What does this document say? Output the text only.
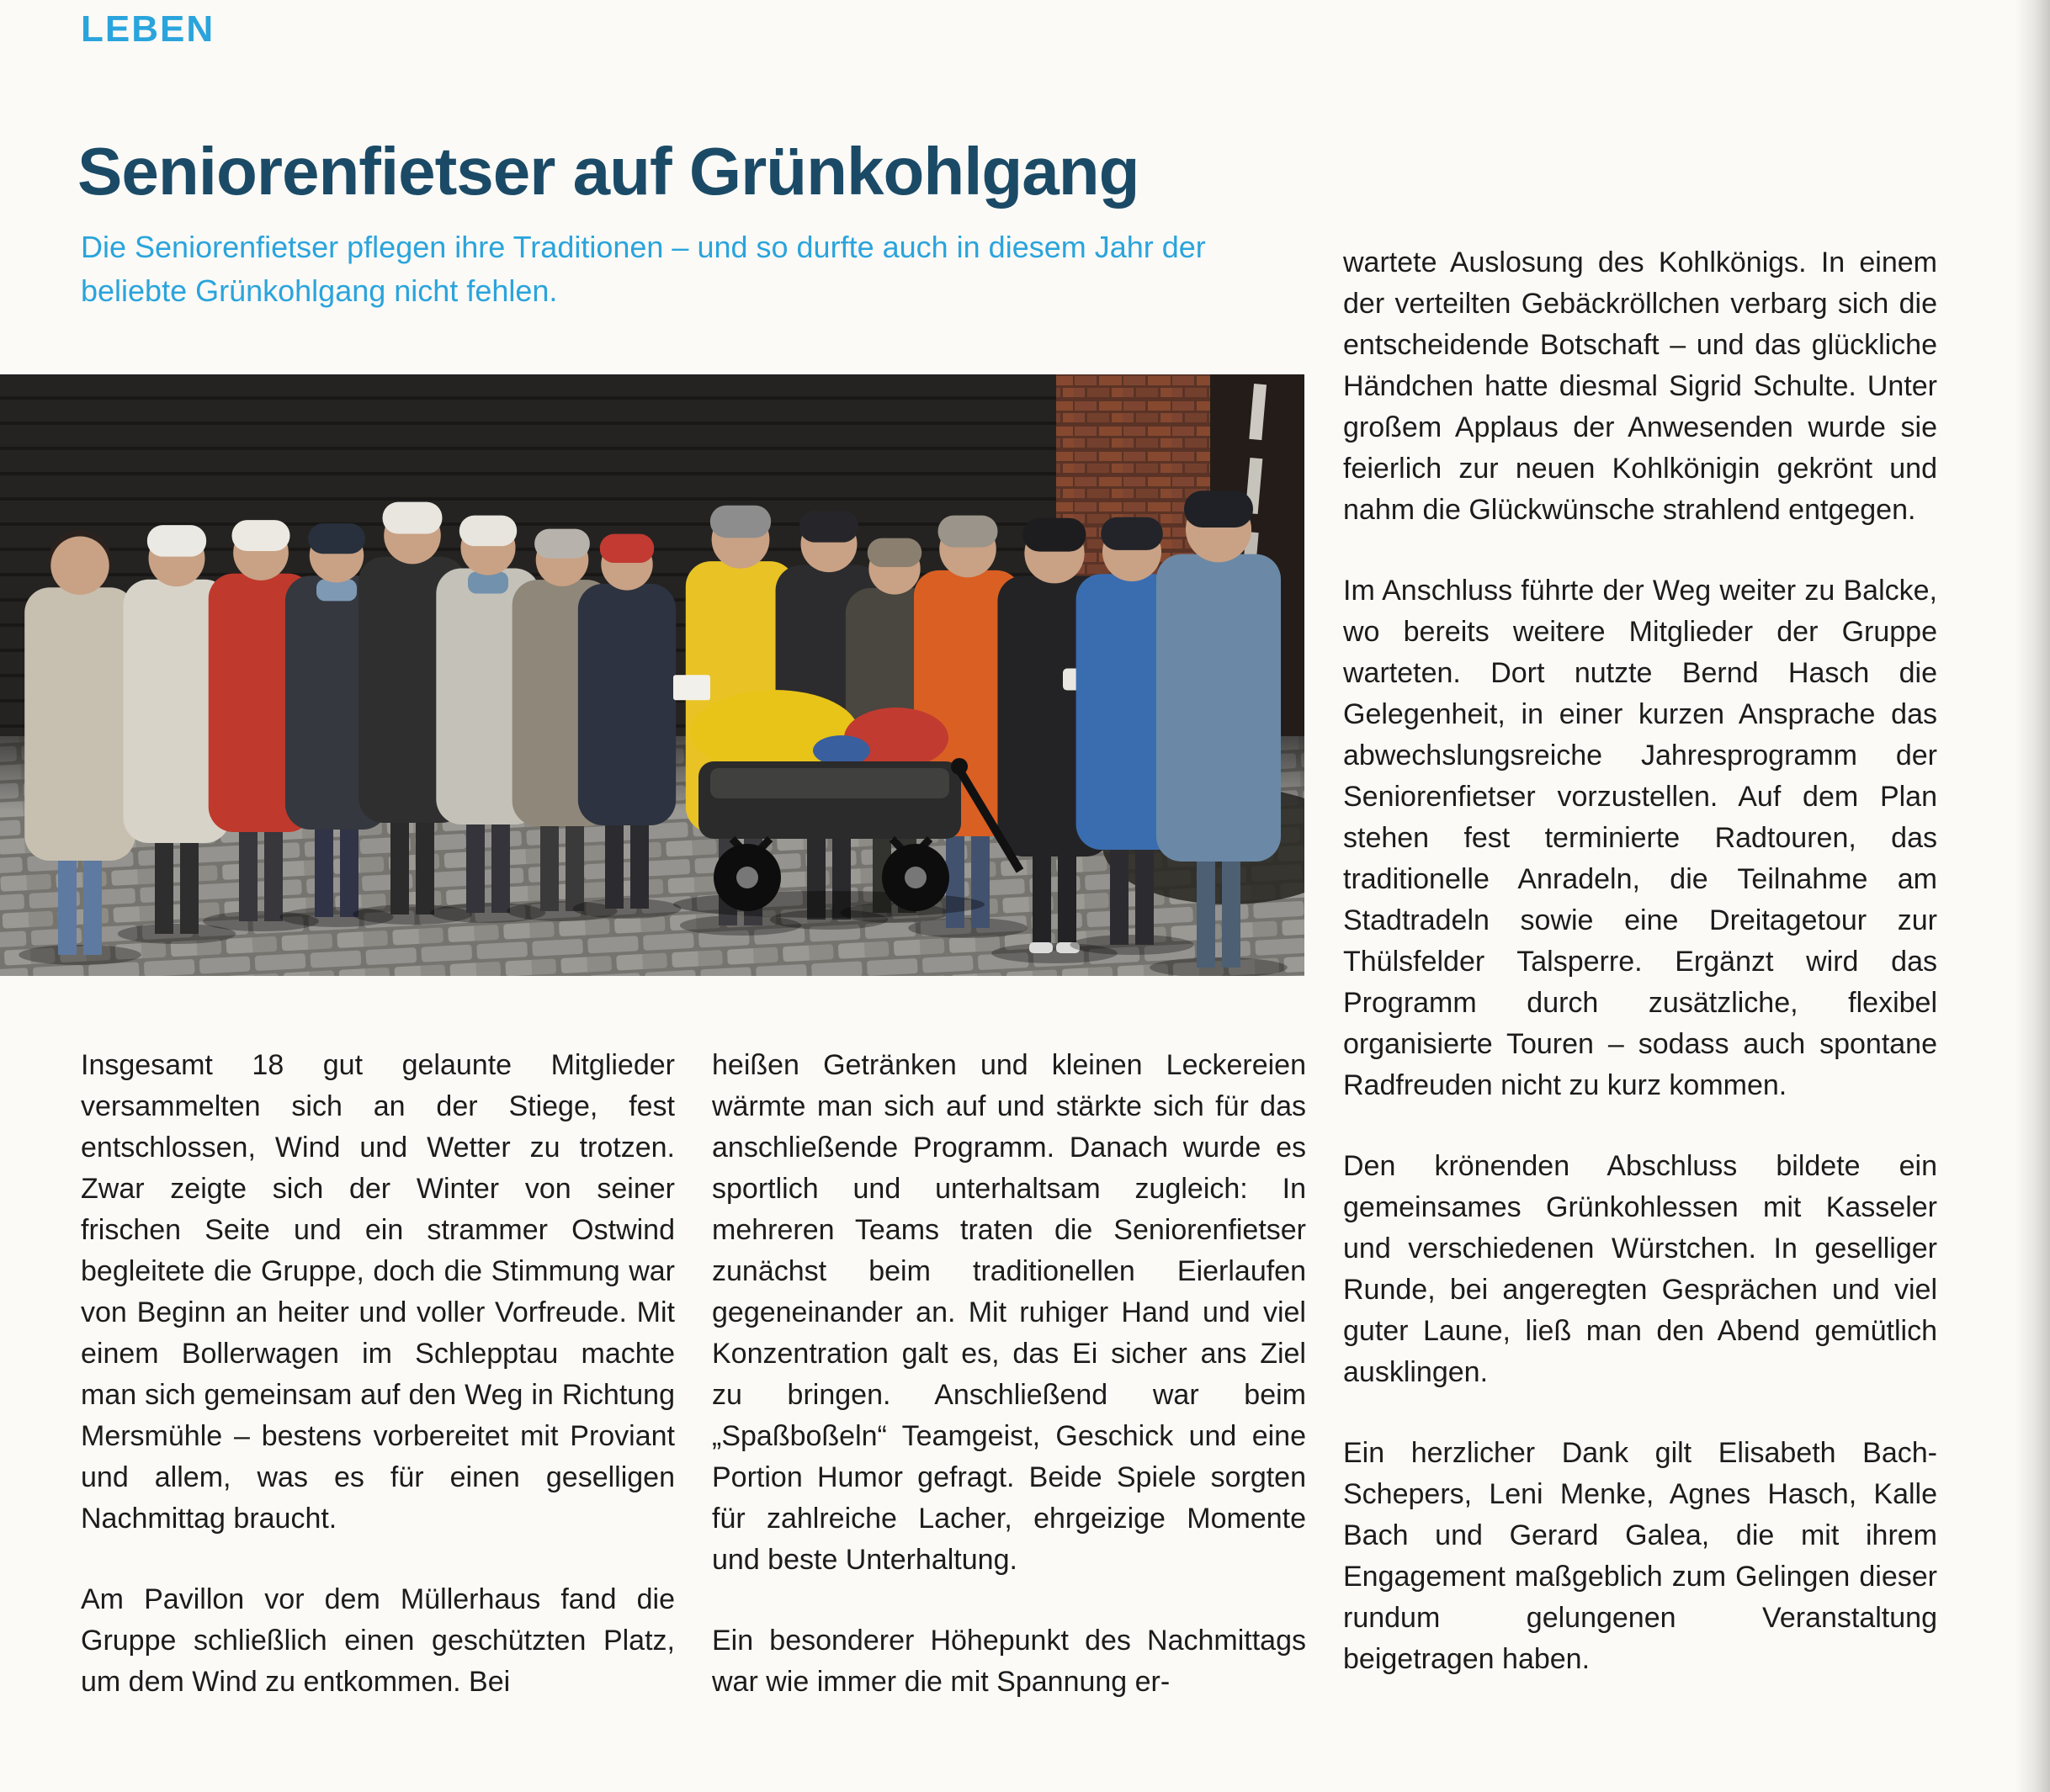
LEBEN
Seniorenfietser auf Grünkohlgang
Die Seniorenfietser pflegen ihre Traditionen – und so durfte auch in diesem Jahr der beliebte Grünkohlgang nicht fehlen.

Insgesamt 18 gut gelaunte Mitglieder versammelten sich an der Stiege, fest entschlossen, Wind und Wetter zu trotzen. Zwar zeigte sich der Winter von seiner frischen Seite und ein strammer Ostwind begleitete die Gruppe, doch die Stimmung war von Beginn an heiter und voller Vorfreude. Mit einem Bollerwagen im Schlepptau machte man sich gemeinsam auf den Weg in Richtung Mersmühle – bestens vorbereitet mit Proviant und allem, was es für einen geselligen Nachmittag braucht.

Am Pavillon vor dem Müllerhaus fand die Gruppe schließlich einen geschützten Platz, um dem Wind zu entkommen. Bei

heißen Getränken und kleinen Leckereien wärmte man sich auf und stärkte sich für das anschließende Programm. Danach wurde es sportlich und unterhaltsam zugleich: In mehreren Teams traten die Seniorenfietser zunächst beim traditionellen Eierlaufen gegeneinander an. Mit ruhiger Hand und viel Konzentration galt es, das Ei sicher ans Ziel zu bringen. Anschließend war beim „Spaßboßeln“ Teamgeist, Geschick und eine Portion Humor gefragt. Beide Spiele sorgten für zahlreiche Lacher, ehrgeizige Momente und beste Unterhaltung.

Ein besonderer Höhepunkt des Nachmittags war wie immer die mit Spannung er-

wartete Auslosung des Kohlkönigs. In einem der verteilten Gebäckröllchen verbarg sich die entscheidende Botschaft – und das glückliche Händchen hatte diesmal Sigrid Schulte. Unter großem Applaus der Anwesenden wurde sie feierlich zur neuen Kohlkönigin gekrönt und nahm die Glückwünsche strahlend entgegen.

Im Anschluss führte der Weg weiter zu Balcke, wo bereits weitere Mitglieder der Gruppe warteten. Dort nutzte Bernd Hasch die Gelegenheit, in einer kurzen Ansprache das abwechslungsreiche Jahresprogramm der Seniorenfietser vorzustellen. Auf dem Plan stehen fest terminierte Radtouren, das traditionelle Anradeln, die Teilnahme am Stadtradeln sowie eine Dreitagetour zur Thülsfelder Talsperre. Ergänzt wird das Programm durch zusätzliche, flexibel organisierte Touren – sodass auch spontane Radfreuden nicht zu kurz kommen.

Den krönenden Abschluss bildete ein gemeinsames Grünkohlessen mit Kasseler und verschiedenen Würstchen. In geselliger Runde, bei angeregten Gesprächen und viel guter Laune, ließ man den Abend gemütlich ausklingen.

Ein herzlicher Dank gilt Elisabeth Bach-Schepers, Leni Menke, Agnes Hasch, Kalle Bach und Gerard Galea, die mit ihrem Engagement maßgeblich zum Gelingen dieser rundum gelungenen Veranstaltung beigetragen haben.
